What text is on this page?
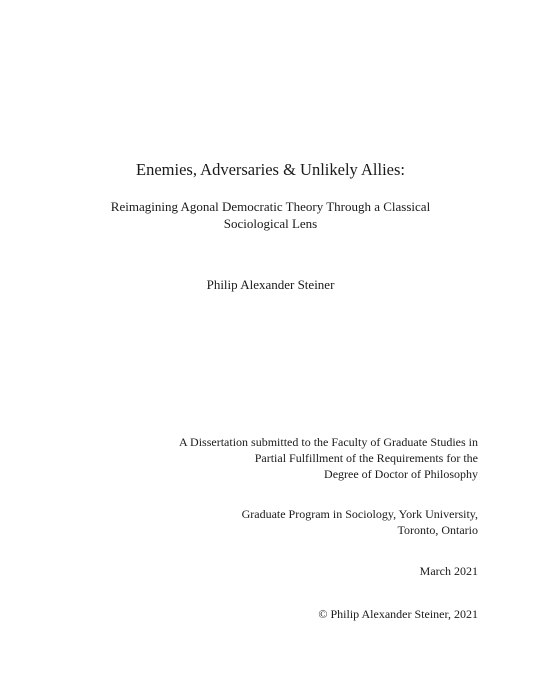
Enemies, Adversaries & Unlikely Allies:
Reimagining Agonal Democratic Theory Through a Classical
Sociological Lens
Philip Alexander Steiner
A Dissertation submitted to the Faculty of Graduate Studies in
Partial Fulfillment of the Requirements for the
Degree of Doctor of Philosophy
Graduate Program in Sociology, York University,
Toronto, Ontario
March 2021
© Philip Alexander Steiner, 2021
